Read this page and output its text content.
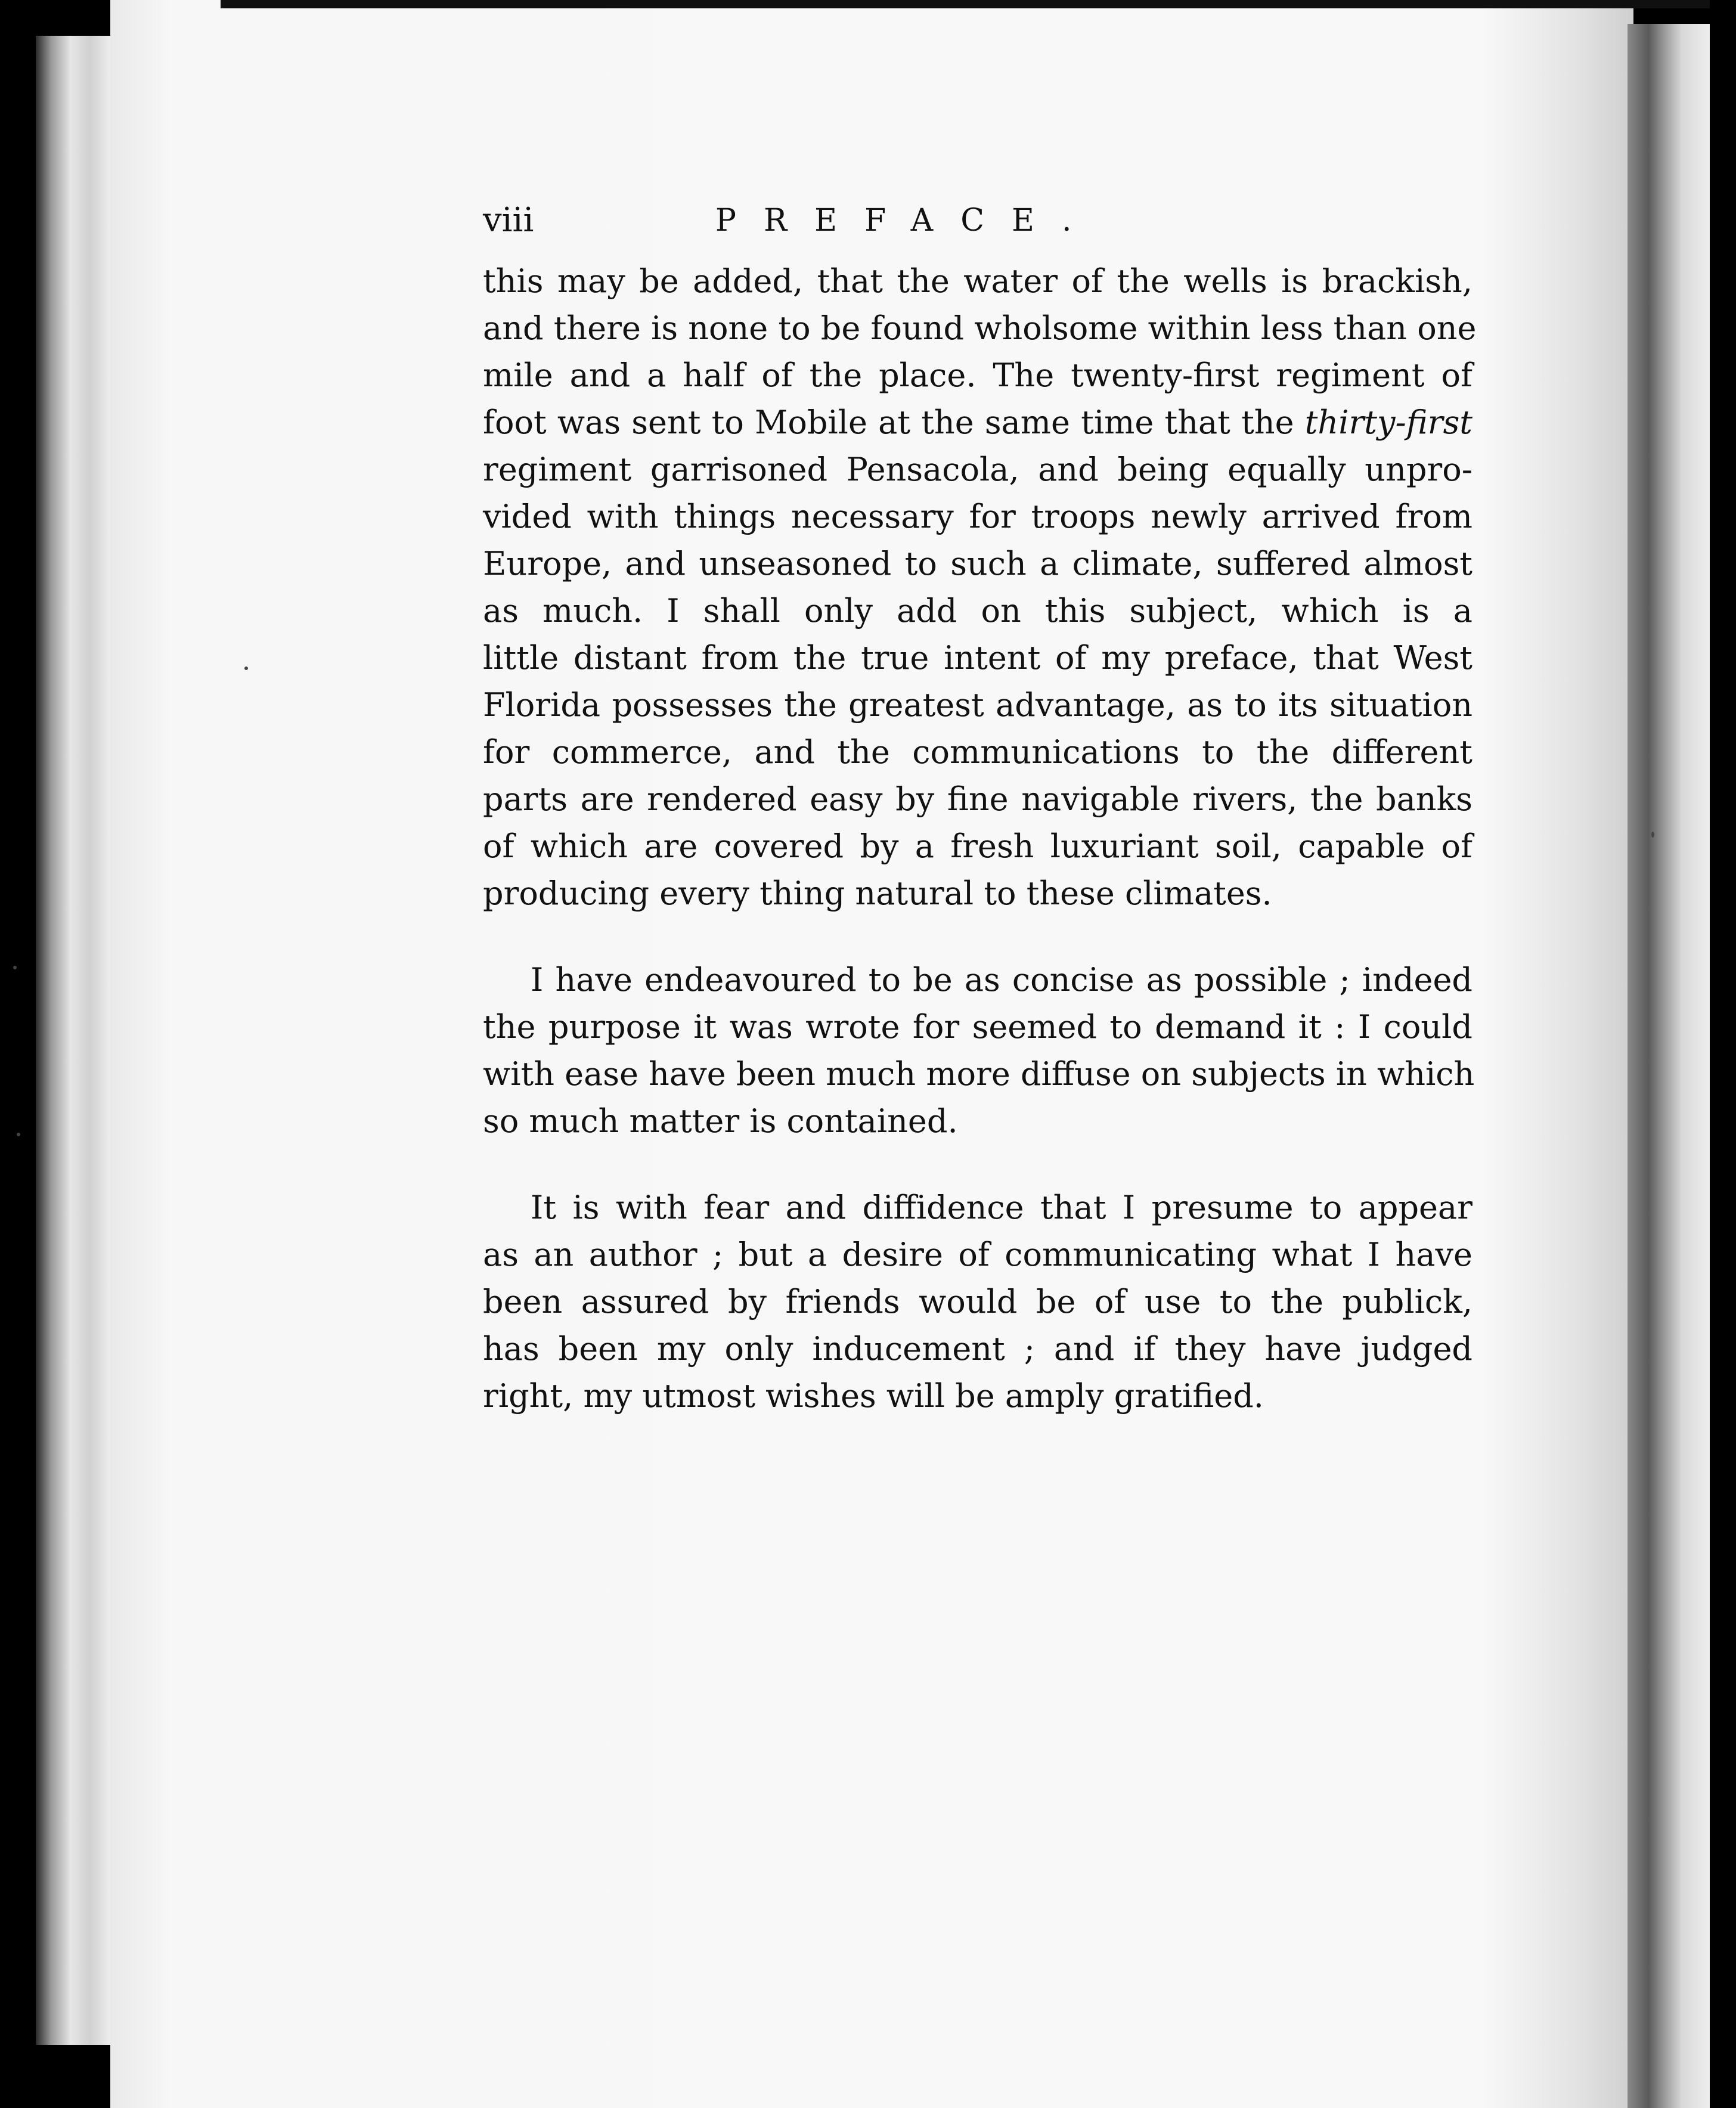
viii	PREFACE.
this may be added, that the water of the wells is brackish,
and there is none to be found wholsome within less than one
mile and a half of the place. The twenty-first regiment of
foot was sent to Mobile at the same time that the thirty-first
regiment garrisoned Pensacola, and being equally unpro-
vided with things necessary for troops newly arrived from
Europe, and unseasoned to such a climate, suffered almost
as much. I shall only add on this subject, which is a
little distant from the true intent of my preface, that West
Florida possesses the greatest advantage, as to its situation
for commerce, and the communications to the different
parts are rendered easy by fine navigable rivers, the banks
of which are covered by a fresh luxuriant soil, capable of
producing every thing natural to these climates.
I have endeavoured to be as concise as possible ; indeed
the purpose it was wrote for seemed to demand it : I could
with ease have been much more diffuse on subjects in which
so much matter is contained.
It is with fear and diffidence that I presume to appear
as an author ; but a desire of communicating what I have
been assured by friends would be of use to the publick,
has been my only inducement ; and if they have judged
right, my utmost wishes will be amply gratified.
